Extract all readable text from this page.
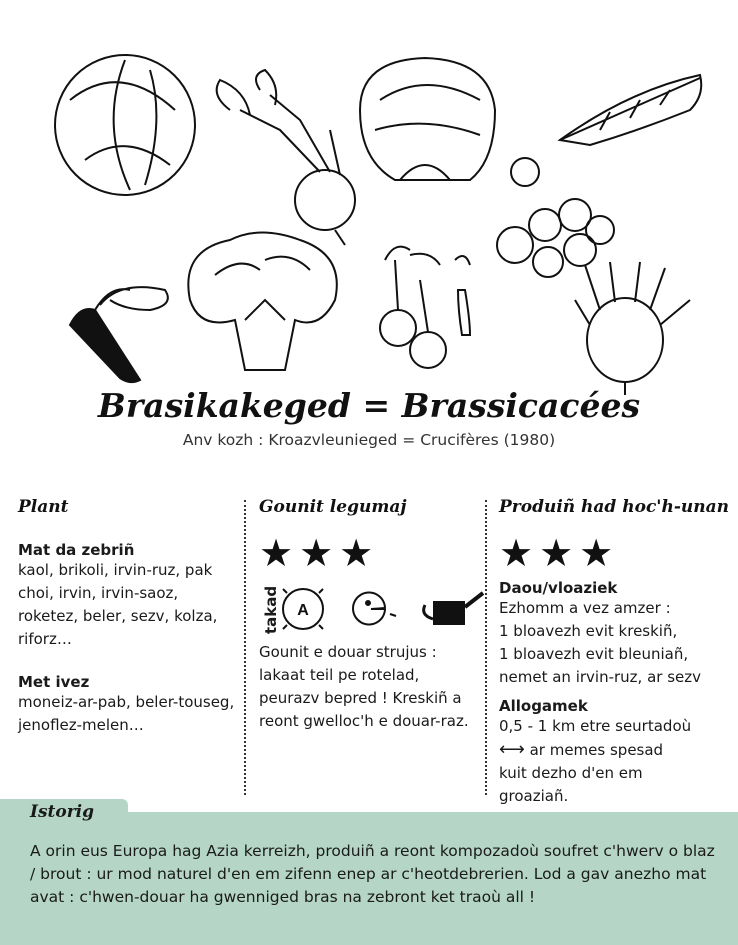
Brasikakeged = Brassicacées
Anv kozh : Kroazvleunieged = Crucifères (1980)

Plant

Mat da zebriñ

kaol, brikoli, irvin-ruz, pak choi, irvin, irvin-saoz, roketez, beler, sezv, kolza, riforz…

Met ivez

moneiz-ar-pab, beler-touseg, jenoflez-melen…

Gounit legumaj

★ ★ ★
takad A

Gounit e douar strujus : lakaat teil pe rotelad, peurazv bepred ! Kreskiñ a reont gwelloc'h e douar-raz.

Produiñ had hoc'h-unan

★ ★ ★

Daou/vloaziek

Ezhomm a vez amzer :

1 bloavezh evit kreskiñ,

1 bloavezh evit bleuniañ,

nemet an irvin-ruz, ar sezv

Allogamek

0,5 - 1 km etre seurtadoù

⟷ ar memes spesad

kuit dezho d'en em

groaziañ.

Istorig
A orin eus Europa hag Azia kerreizh, produiñ a reont kompozadoù soufret c'hwerv o blaz / brout : ur mod naturel d'en em zifenn enep ar c'heotdebrerien. Lod a gav anezho mat avat : c'hwen-douar ha gwenniged bras na zebront ket traoù all !
